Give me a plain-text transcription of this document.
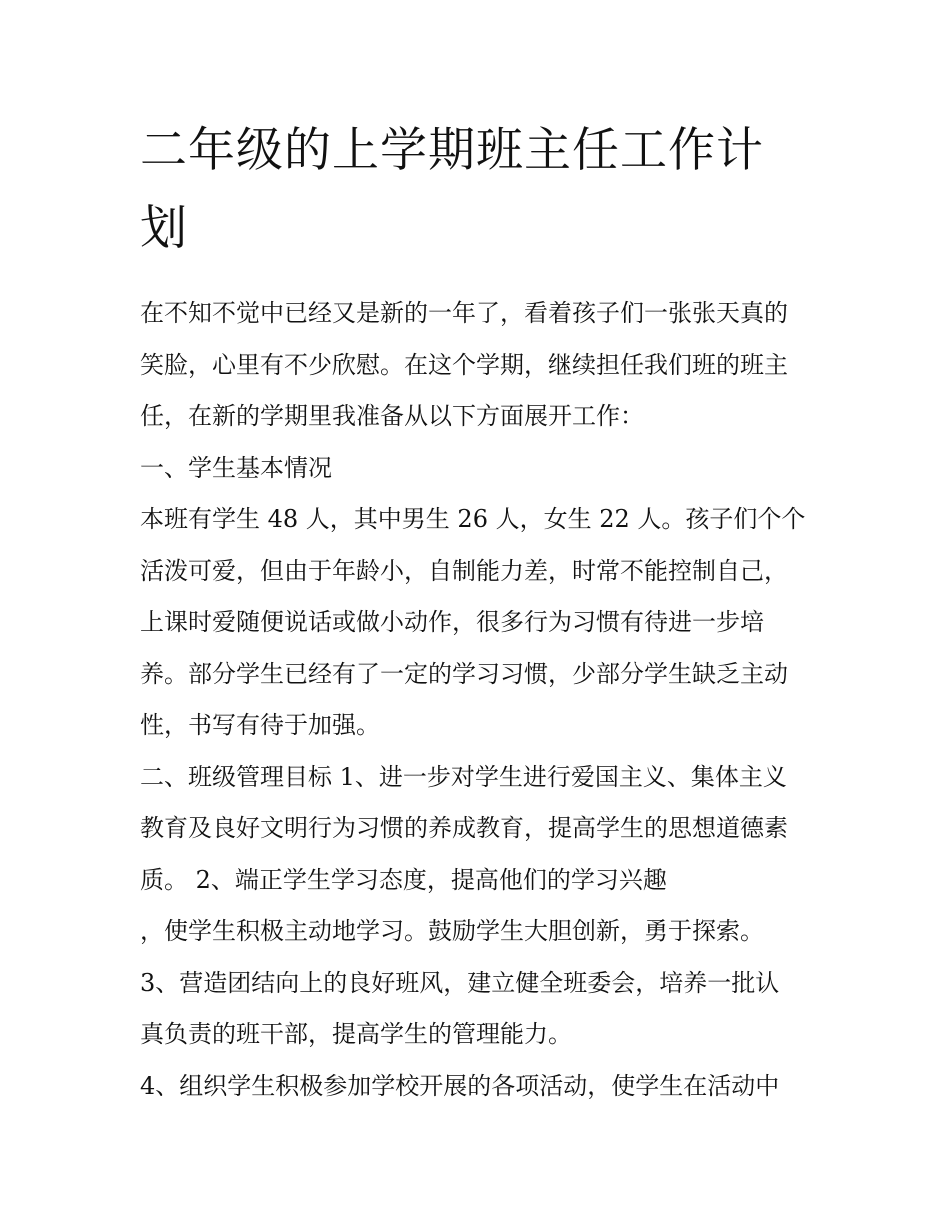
二年级的上学期班主任工作计
划

在不知不觉中已经又是新的一年了，看着孩子们一张张天真的

笑脸，心里有不少欣慰。在这个学期，继续担任我们班的班主

任，在新的学期里我准备从以下方面展开工作：

一、学生基本情况

本班有学生 48 人，其中男生 26 人，女生 22 人。孩子们个个

活泼可爱，但由于年龄小，自制能力差，时常不能控制自己，

上课时爱随便说话或做小动作，很多行为习惯有待进一步培

养。部分学生已经有了一定的学习习惯，少部分学生缺乏主动

性，书写有待于加强。

二、班级管理目标 1、进一步对学生进行爱国主义、集体主义

教育及良好文明行为习惯的养成教育，提高学生的思想道德素

质。 2、端正学生学习态度，提高他们的学习兴趣

，使学生积极主动地学习。鼓励学生大胆创新，勇于探索。

3、营造团结向上的良好班风，建立健全班委会，培养一批认

真负责的班干部，提高学生的管理能力。

4、组织学生积极参加学校开展的各项活动，使学生在活动中
